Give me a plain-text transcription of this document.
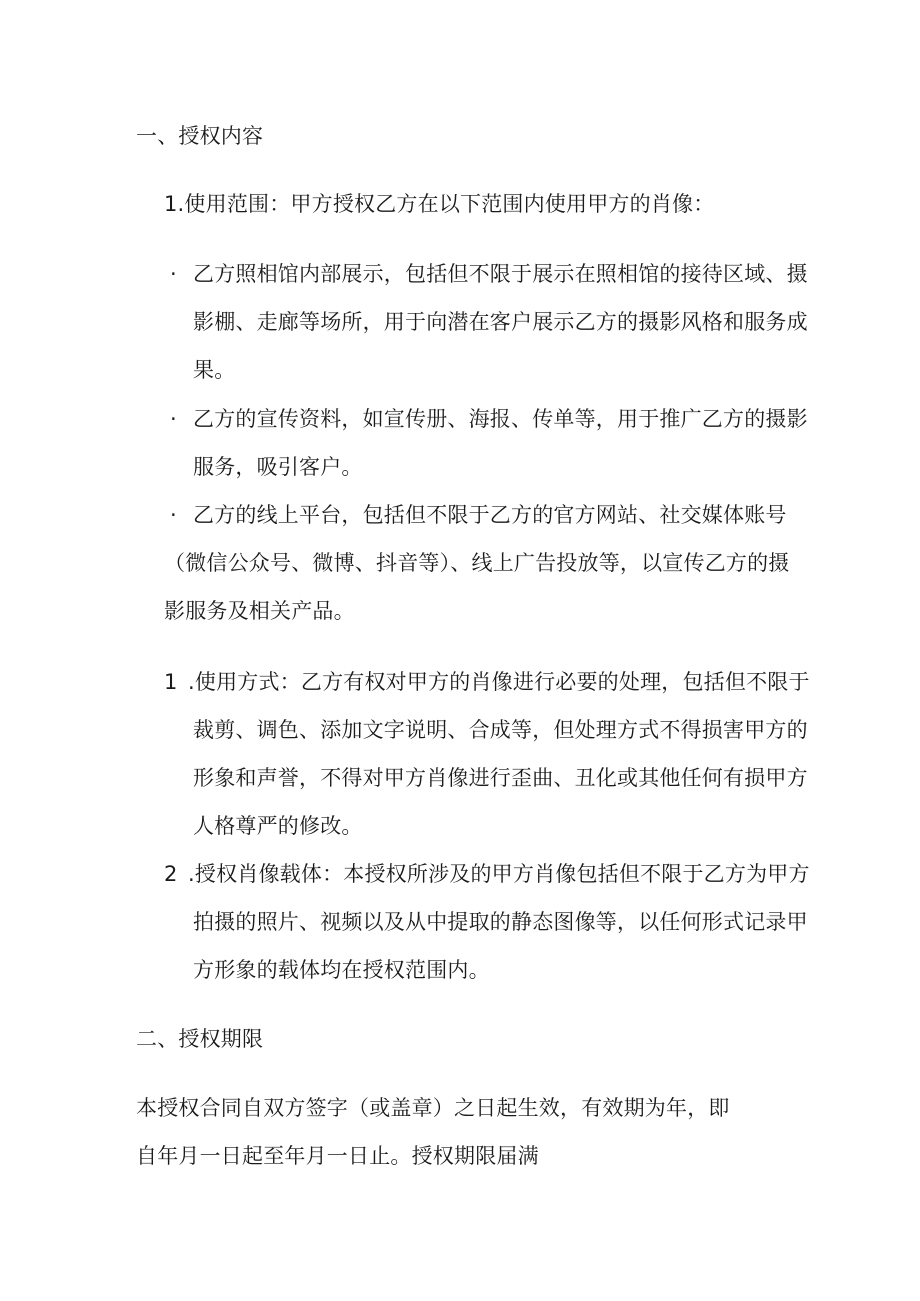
一、授权内容
1.使用范围：甲方授权乙方在以下范围内使用甲方的肖像：
· 乙方照相馆内部展示，包括但不限于展示在照相馆的接待区域、摄
影棚、走廊等场所，用于向潜在客户展示乙方的摄影风格和服务成
果。
· 乙方的宣传资料，如宣传册、海报、传单等，用于推广乙方的摄影
服务，吸引客户。
· 乙方的线上平台，包括但不限于乙方的官方网站、社交媒体账号
（微信公众号、微博、抖音等）、线上广告投放等，以宣传乙方的摄
影服务及相关产品。
1 .使用方式：乙方有权对甲方的肖像进行必要的处理，包括但不限于
裁剪、调色、添加文字说明、合成等，但处理方式不得损害甲方的
形象和声誉，不得对甲方肖像进行歪曲、丑化或其他任何有损甲方
人格尊严的修改。
2 .授权肖像载体：本授权所涉及的甲方肖像包括但不限于乙方为甲方
拍摄的照片、视频以及从中提取的静态图像等，以任何形式记录甲
方形象的载体均在授权范围内。
二、授权期限
本授权合同自双方签字（或盖章）之日起生效，有效期为年，即
自年月一日起至年月一日止。授权期限届满
